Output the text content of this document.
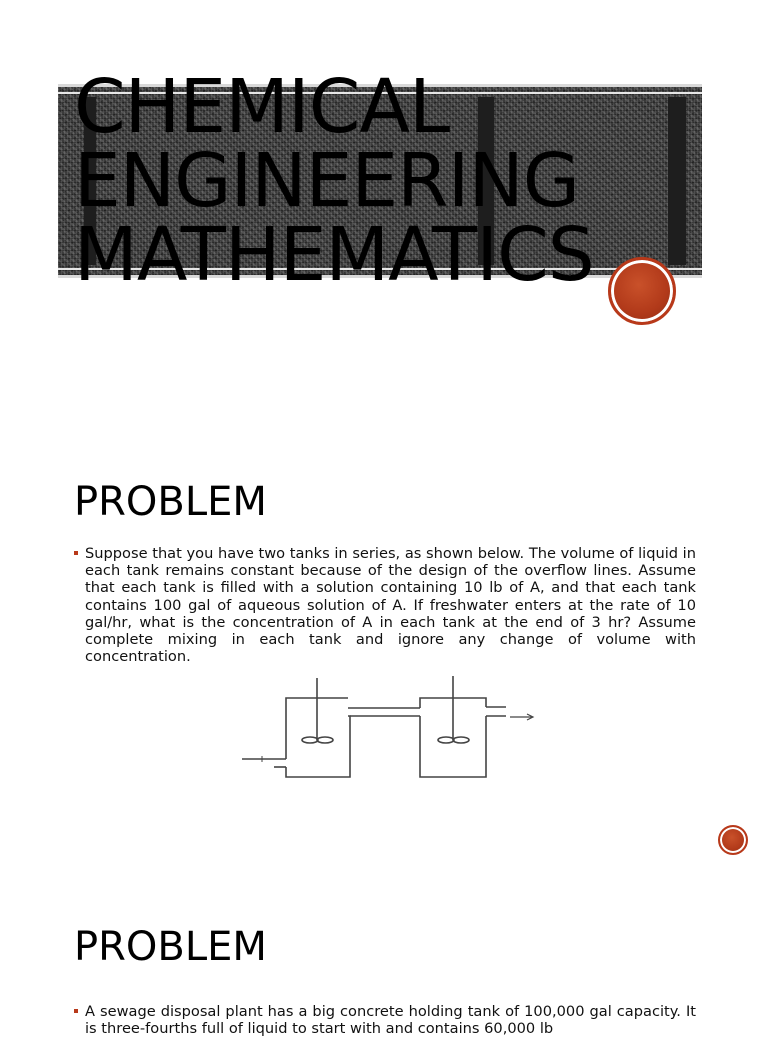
CHEMICAL
ENGINEERING
MATHEMATICS
PROBLEM
Suppose that you have two tanks in series, as shown below. The volume of liquid in each tank remains constant because of the design of the overflow lines. Assume that each tank is filled with a solution containing 10 lb of A, and that each tank contains 100 gal of aqueous solution of A. If freshwater enters at the rate of 10 gal/hr, what is the concentration of A in each tank at the end of 3 hr? Assume complete mixing in each tank and ignore any change of volume with concentration.
PROBLEM
A sewage disposal plant has a big concrete holding tank of 100,000 gal capacity. It is three-fourths full of liquid to start with and contains 60,000 lb
